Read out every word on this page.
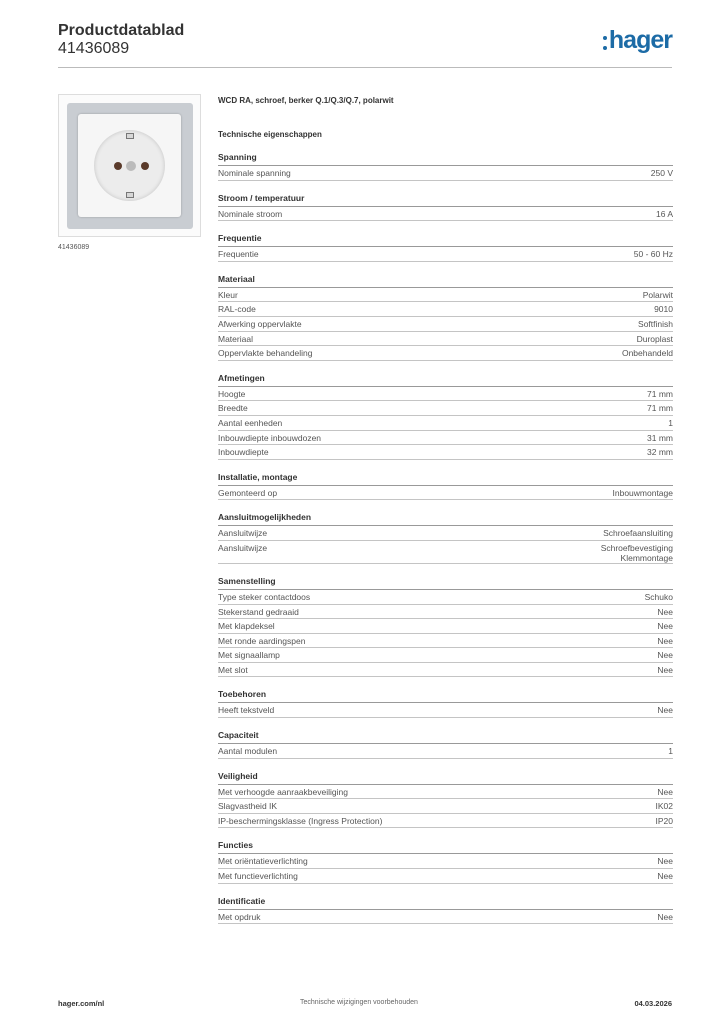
Productdatablad
41436089	hager
41436089
WCD RA, schroef, berker Q.1/Q.3/Q.7, polarwit
Technische eigenschappen
Spanning
Nominale spanning	250 V
Stroom / temperatuur
Nominale stroom	16 A
Frequentie
Frequentie	50 - 60 Hz
Materiaal
Kleur	Polarwit
RAL-code	9010
Afwerking oppervlakte	Softfinish
Materiaal	Duroplast
Oppervlakte behandeling	Onbehandeld
Afmetingen
Hoogte	71 mm
Breedte	71 mm
Aantal eenheden	1
Inbouwdiepte inbouwdozen	31 mm
Inbouwdiepte	32 mm
Installatie, montage
Gemonteerd op	Inbouwmontage
Aansluitmogelijkheden
Aansluitwijze	Schroefaansluiting
Aansluitwijze	Schroefbevestiging
Klemmontage
Samenstelling
Type steker contactdoos	Schuko
Stekerstand gedraaid	Nee
Met klapdeksel	Nee
Met ronde aardingspen	Nee
Met signaallamp	Nee
Met slot	Nee
Toebehoren
Heeft tekstveld	Nee
Capaciteit
Aantal modulen	1
Veiligheid
Met verhoogde aanraakbeveiliging	Nee
Slagvastheid IK	IK02
IP-beschermingsklasse (Ingress Protection)	IP20
Functies
Met oriëntatieverlichting	Nee
Met functieverlichting	Nee
Identificatie
Met opdruk	Nee
hager.com/nl	Technische wijzigingen voorbehouden	04.03.2026
